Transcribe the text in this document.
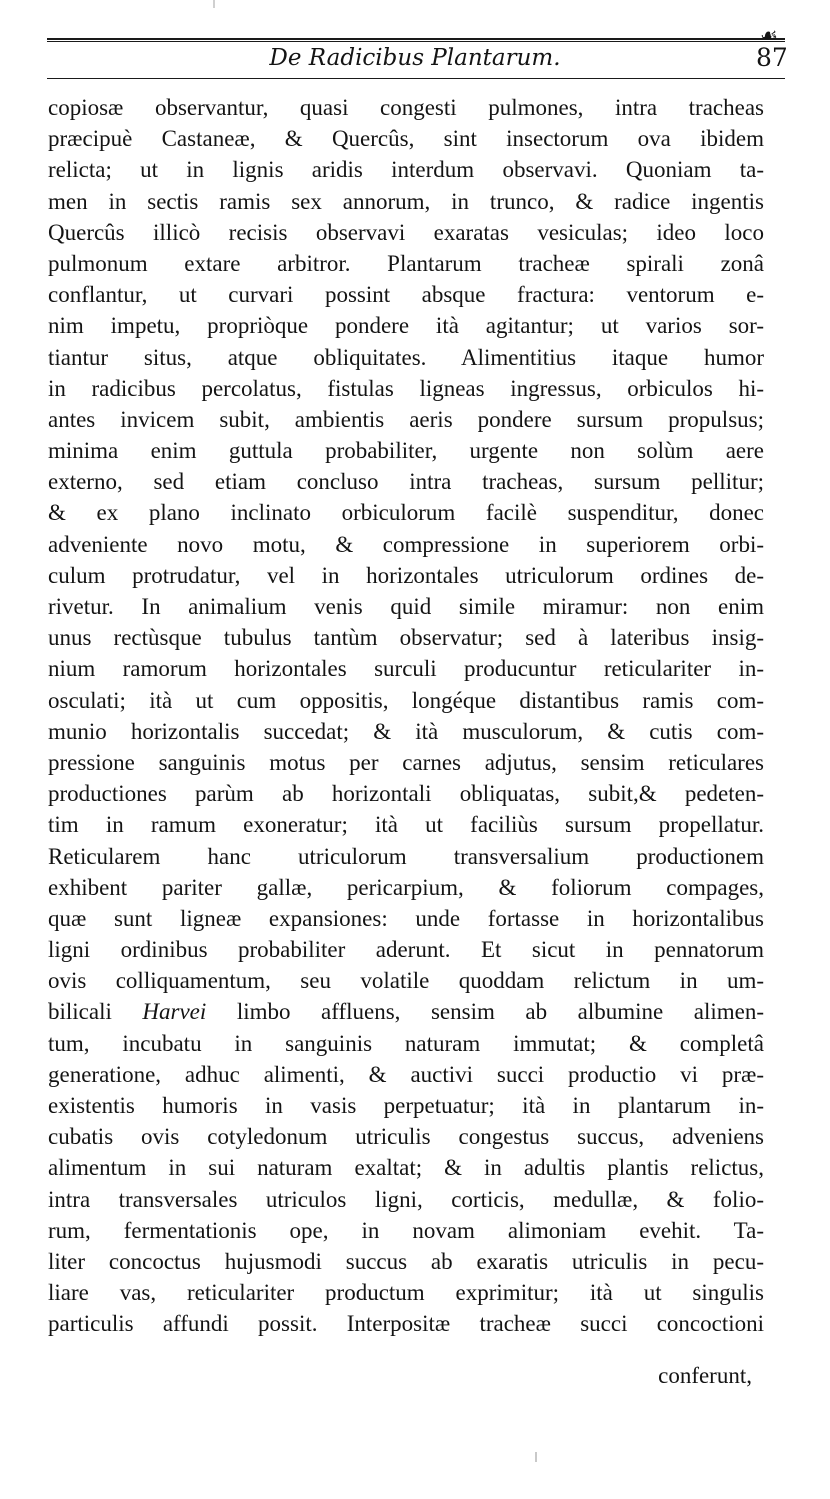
☙
De Radicibus Plantarum.	87
copiosæ observantur, quasi congesti pulmones, intra tracheas
præcipuè Castaneæ, & Quercûs, sint insectorum ova ibidem
relicta; ut in lignis aridis interdum observavi. Quoniam ta-
men in sectis ramis sex annorum, in trunco, & radice ingentis
Quercûs illicò recisis observavi exaratas vesiculas; ideo loco
pulmonum extare arbitror. Plantarum tracheæ spirali zonâ
conflantur, ut curvari possint absque fractura: ventorum e-
nim impetu, propriòque pondere ità agitantur; ut varios sor-
tiantur situs, atque obliquitates. Alimentitius itaque humor
in radicibus percolatus, fistulas ligneas ingressus, orbiculos hi-
antes invicem subit, ambientis aeris pondere sursum propulsus;
minima enim guttula probabiliter, urgente non solùm aere
externo, sed etiam concluso intra tracheas, sursum pellitur;
& ex plano inclinato orbiculorum facilè suspenditur, donec
adveniente novo motu, & compressione in superiorem orbi-
culum protrudatur, vel in horizontales utriculorum ordines de-
rivetur. In animalium venis quid simile miramur: non enim
unus rectùsque tubulus tantùm observatur; sed à lateribus insig-
nium ramorum horizontales surculi producuntur reticulariter in-
osculati; ità ut cum oppositis, longéque distantibus ramis com-
munio horizontalis succedat; & ità musculorum, & cutis com-
pressione sanguinis motus per carnes adjutus, sensim reticulares
productiones parùm ab horizontali obliquatas, subit,& pedeten-
tim in ramum exoneratur; ità ut faciliùs sursum propellatur.
Reticularem hanc utriculorum transversalium productionem
exhibent pariter gallæ, pericarpium, & foliorum compages,
quæ sunt ligneæ expansiones: unde fortasse in horizontalibus
ligni ordinibus probabiliter aderunt. Et sicut in pennatorum
ovis colliquamentum, seu volatile quoddam relictum in um-
bilicali Harvei limbo affluens, sensim ab albumine alimen-
tum, incubatu in sanguinis naturam immutat; & completâ
generatione, adhuc alimenti, & auctivi succi productio vi præ-
existentis humoris in vasis perpetuatur; ità in plantarum in-
cubatis ovis cotyledonum utriculis congestus succus, adveniens
alimentum in sui naturam exaltat; & in adultis plantis relictus,
intra transversales utriculos ligni, corticis, medullæ, & folio-
rum, fermentationis ope, in novam alimoniam evehit. Ta-
liter concoctus hujusmodi succus ab exaratis utriculis in pecu-
liare vas, reticulariter productum exprimitur; ità ut singulis
particulis affundi possit. Interpositæ tracheæ succi concoctioni
conferunt,
